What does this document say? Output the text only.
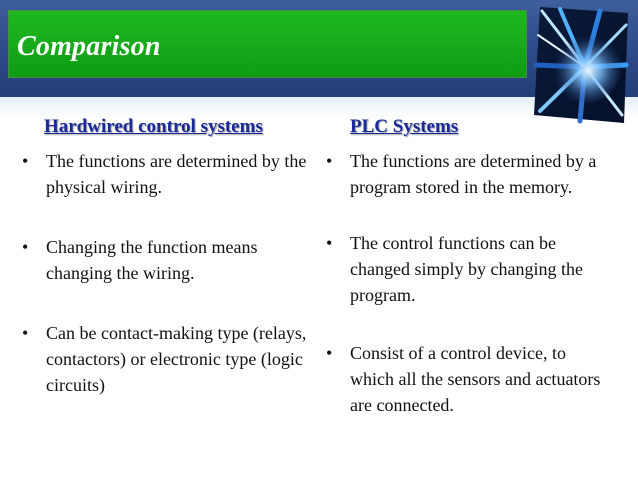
Comparison
Hardwired control systems
• The functions are determined by the physical wiring.
• Changing the function means changing the wiring.
• Can be contact-making type (relays, contactors) or electronic type (logic circuits)
PLC Systems
• The functions are determined by a program stored in the memory.
• The control functions can be changed simply by changing the program.
• Consist of a control device, to which all the sensors and actuators are connected.
